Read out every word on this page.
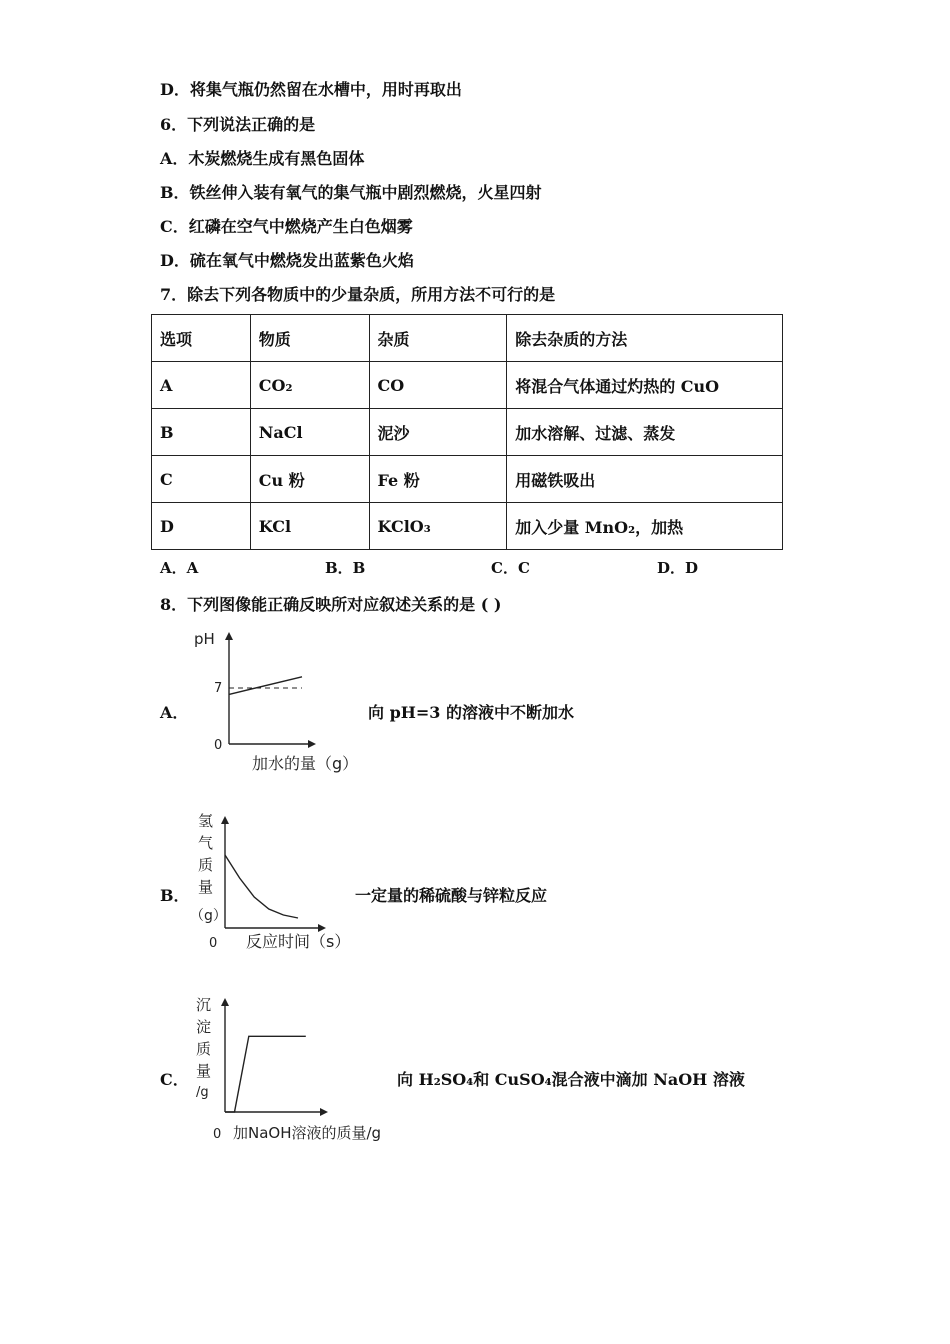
D．将集气瓶仍然留在水槽中，用时再取出
6．下列说法正确的是
A．木炭燃烧生成有黑色固体
B．铁丝伸入装有氧气的集气瓶中剧烈燃烧，火星四射
C．红磷在空气中燃烧产生白色烟雾
D．硫在氧气中燃烧发出蓝紫色火焰
7．除去下列各物质中的少量杂质，所用方法不可行的是
选项	物质	杂质	除去杂质的方法
A	CO₂	CO	将混合气体通过灼热的 CuO
B	NaCl	泥沙	加水溶解、过滤、蒸发
C	Cu 粉	Fe 粉	用磁铁吸出
D	KCl	KClO₃	加入少量 MnO₂，加热
A．A	B．B	C．C	D．D
8．下列图像能正确反映所对应叙述关系的是 ( )
A．
pH
7
0
加水的量（g）
向 pH=3 的溶液中不断加水
B．
氢
气
质
量
（g）
0 反应时间（s）
一定量的稀硫酸与锌粒反应
C．
沉
淀
质
量
/g
0 加NaOH溶液的质量/g
向 H₂SO₄和 CuSO₄混合液中滴加 NaOH 溶液
